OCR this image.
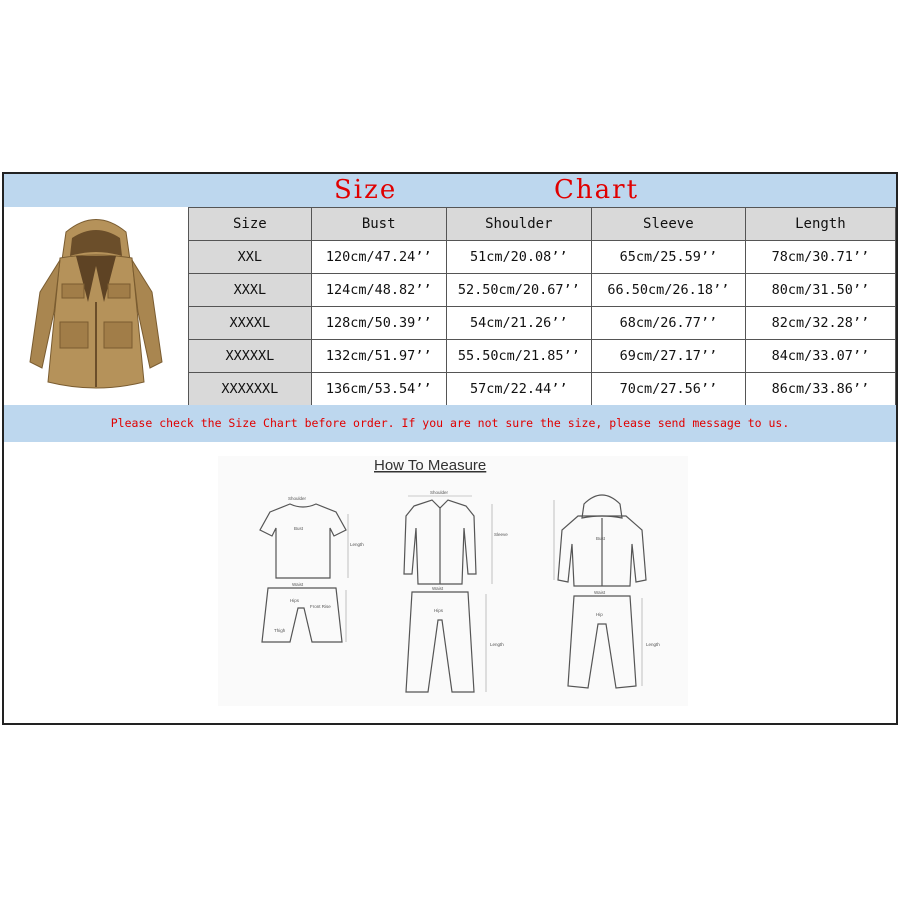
Size	Chart
Size	Bust	Shoulder	Sleeve	Length
XXL	120cm/47.24’’	51cm/20.08’’	65cm/25.59’’	78cm/30.71’’
XXXL	124cm/48.82’’	52.50cm/20.67’’	66.50cm/26.18’’	80cm/31.50’’
XXXXL	128cm/50.39’’	54cm/21.26’’	68cm/26.77’’	82cm/32.28’’
XXXXXL	132cm/51.97’’	55.50cm/21.85’’	69cm/27.17’’	84cm/33.07’’
XXXXXXL	136cm/53.54’’	57cm/22.44’’	70cm/27.56’’	86cm/33.86’’
Please check the Size Chart before order. If you are not sure the size, please send message to us.
How To Measure
Shoulder
Bust
Length
Waist
Hips
Front Rise
Thigh
Shoulder
Sleeve
Waist
Hips
Length
Bust
Waist
Hip
Length
